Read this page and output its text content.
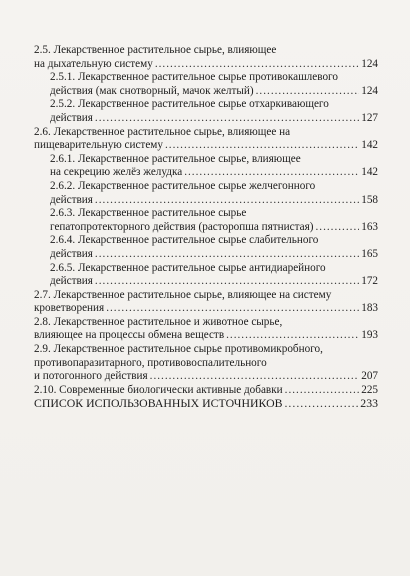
2.5. Лекарственное растительное сырье, влияющее
на дыхательную систему .....	124
2.5.1. Лекарственное растительное сырье противокашлевого
действия (мак снотворный, мачок желтый) .....	124
2.5.2. Лекарственное растительное сырье отхаркивающего
действия .....	127
2.6. Лекарственное растительное сырье, влияющее на
пищеварительную систему .....	142
2.6.1. Лекарственное растительное сырье, влияющее
на секрецию желёз желудка .....	142
2.6.2. Лекарственное растительное сырье желчегонного
действия .....	158
2.6.3. Лекарственное растительное сырье
гепатопротекторного действия (расторопша пятнистая) .....	163
2.6.4. Лекарственное растительное сырье слабительного
действия .....	165
2.6.5. Лекарственное растительное сырье антидиарейного
действия .....	172
2.7. Лекарственное растительное сырье, влияющее на систему
кроветворения .....	183
2.8. Лекарственное растительное и животное сырье,
влияющее на процессы обмена веществ .....	193
2.9. Лекарственное растительное сырье противомикробного,
противопаразитарного, противовоспалительного
и потогонного действия .....	207
2.10. Современные биологически активные добавки .....	225
СПИСОК ИСПОЛЬЗОВАННЫХ ИСТОЧНИКОВ .....	233
